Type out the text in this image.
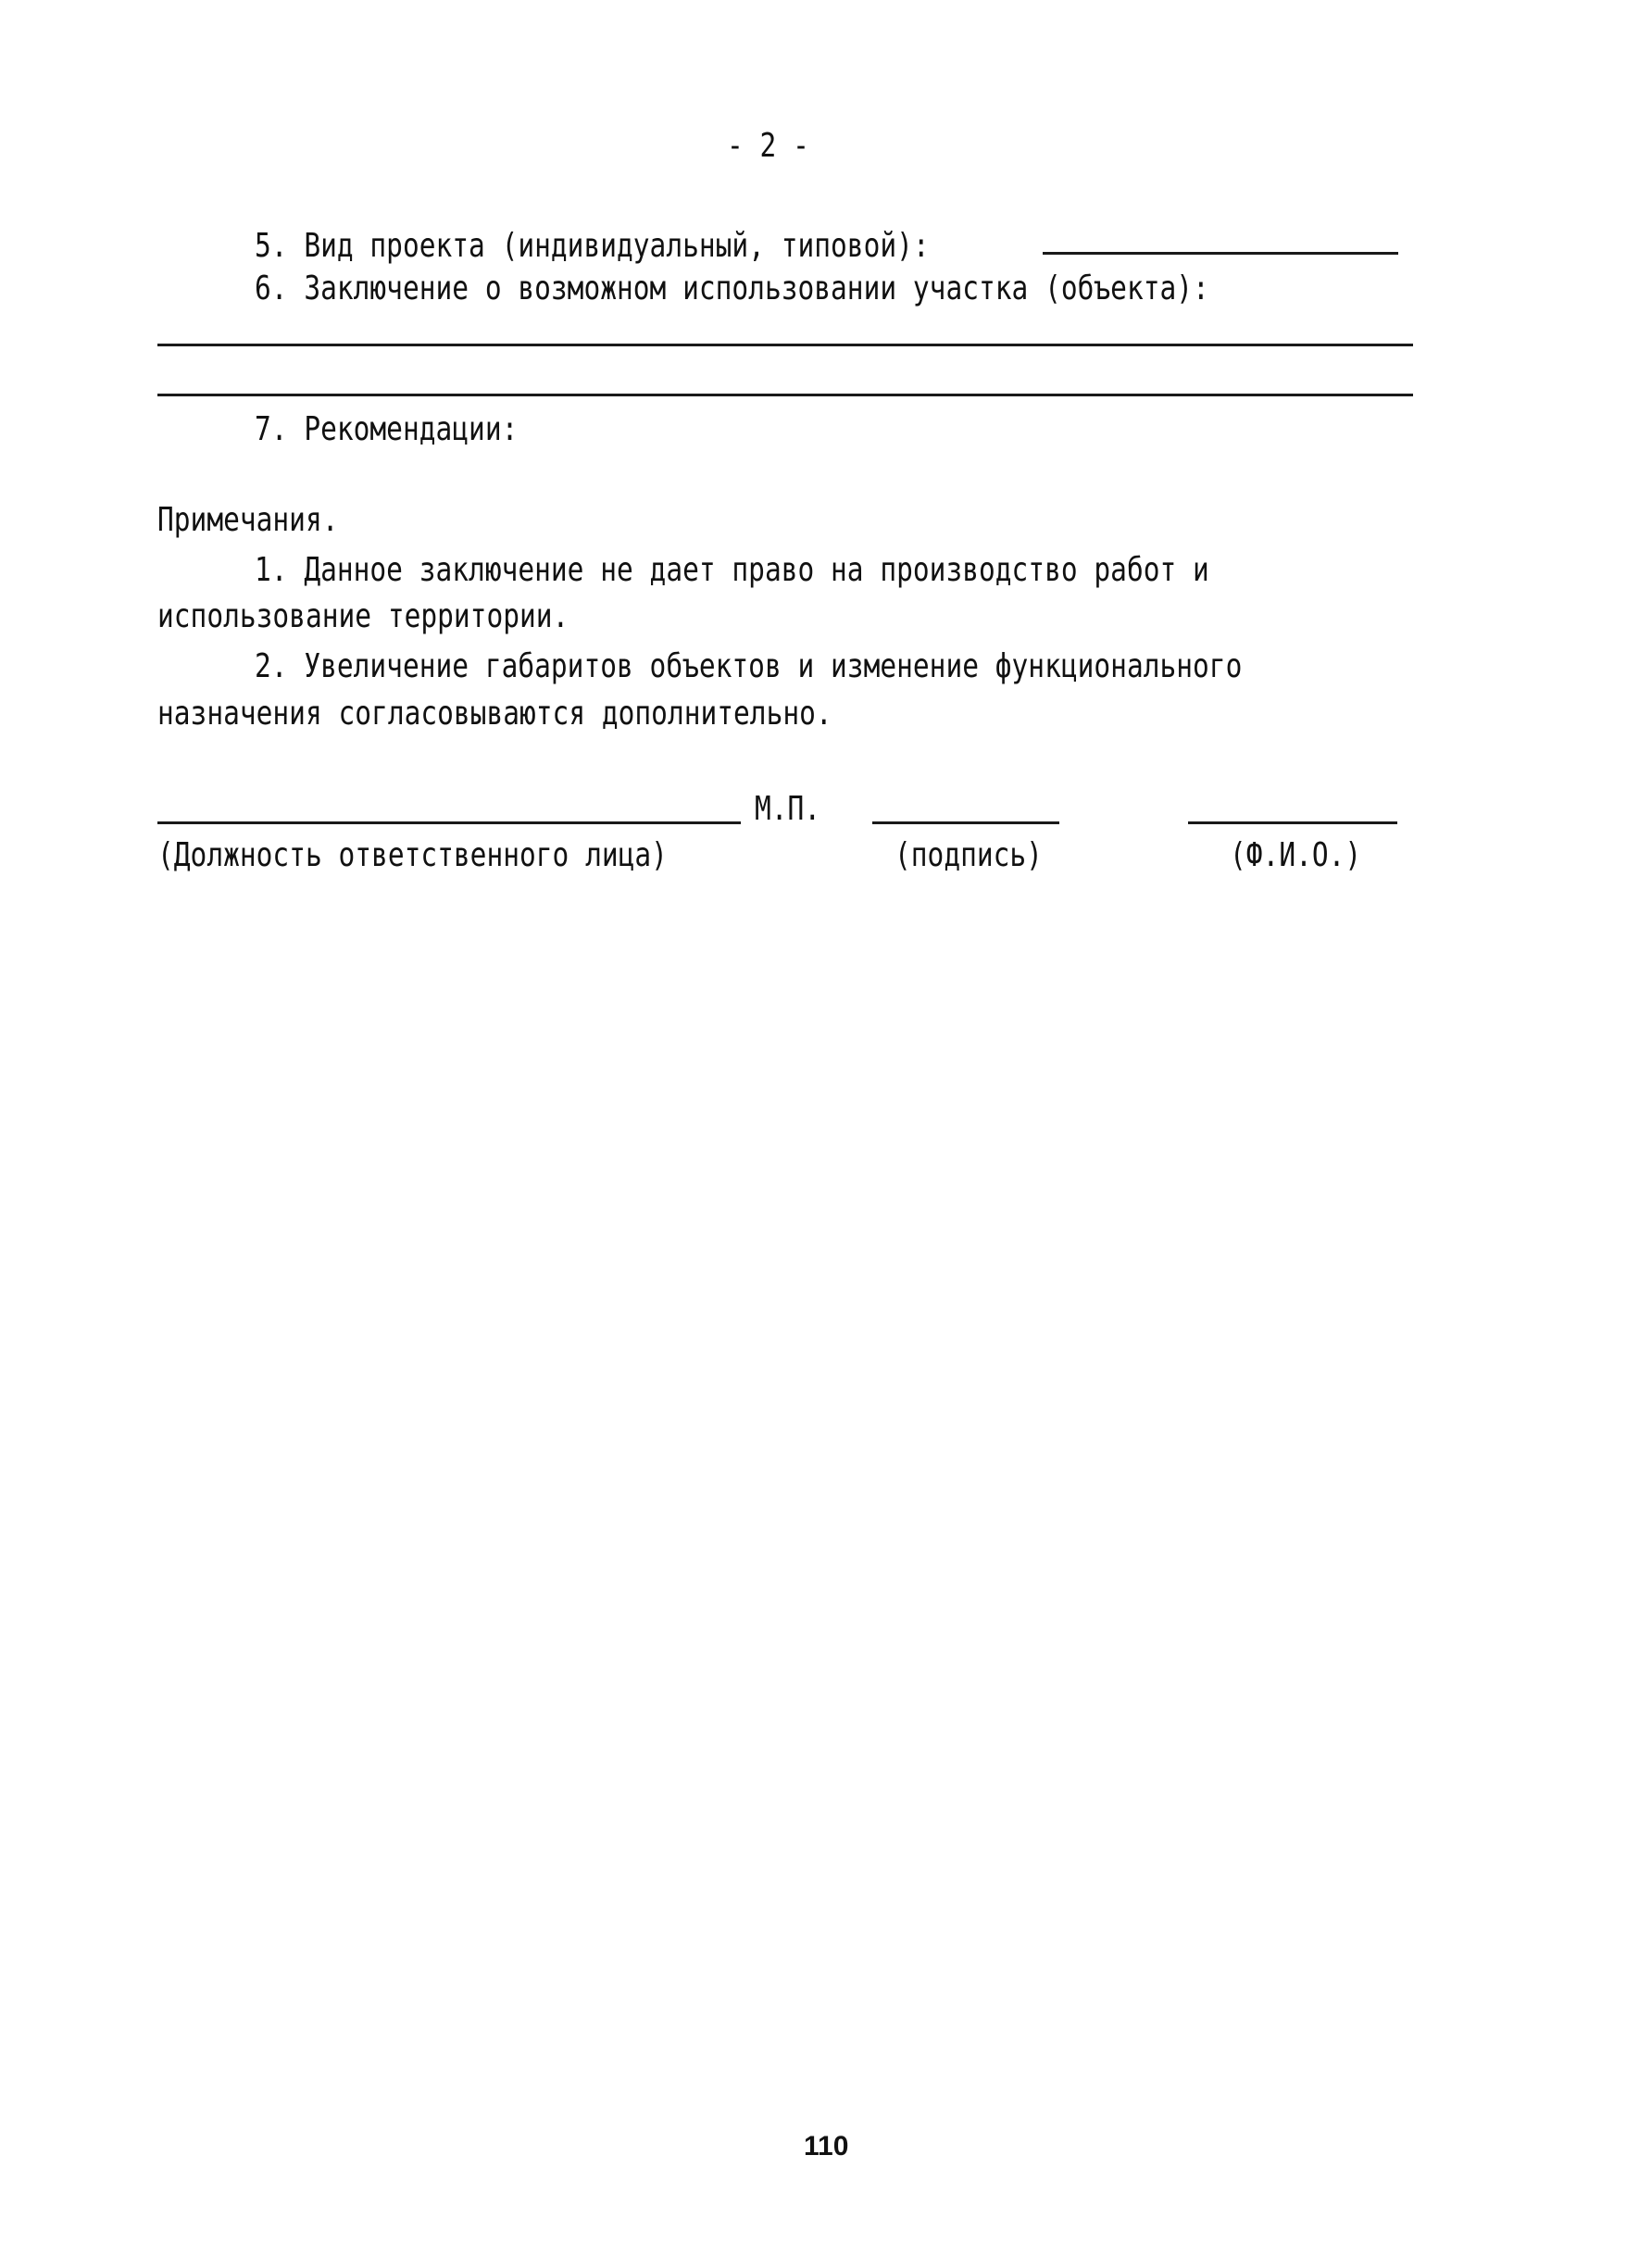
- 2 -
5. Вид проекта (индивидуальный, типовой):
6. Заключение о возможном использовании участка (объекта):
7. Рекомендации:
Примечания.
1. Данное заключение не дает право на производство работ и
использование территории.
2. Увеличение габаритов объектов и изменение функционального
назначения согласовываются дополнительно.
М.П.
(Должность ответственного лица)	(подпись)	(Ф.И.О.)
110
